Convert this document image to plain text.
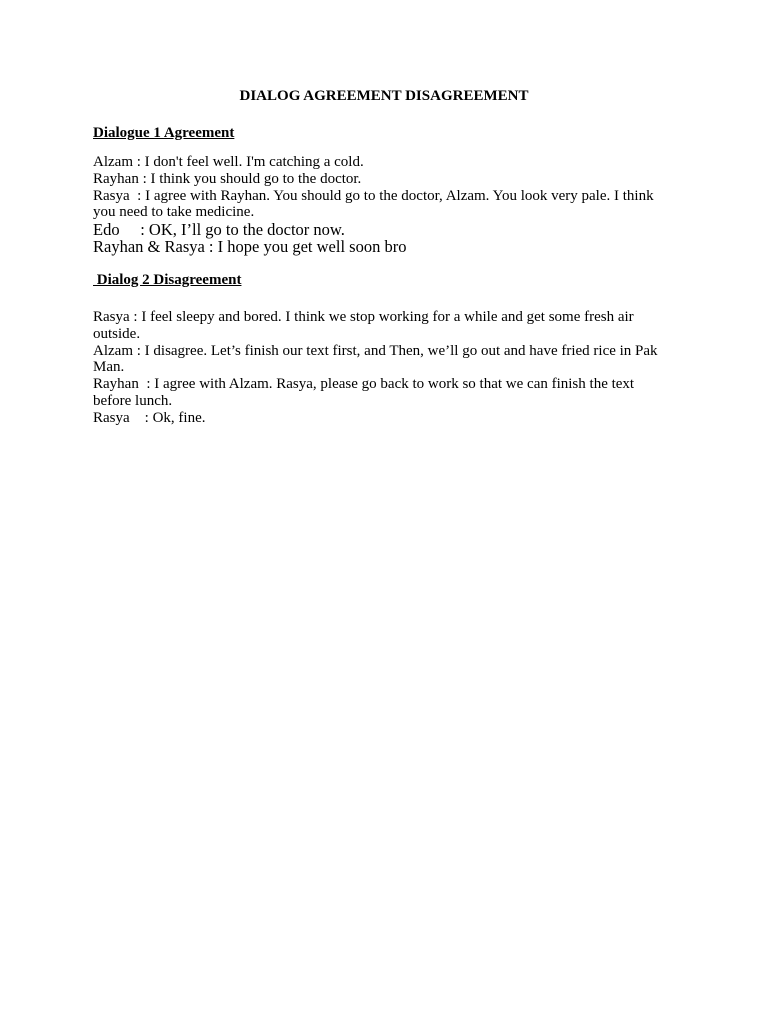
DIALOG AGREEMENT DISAGREEMENT
Dialogue 1 Agreement
Alzam : I don't feel well. I'm catching a cold.
Rayhan : I think you should go to the doctor.
Rasya  : I agree with Rayhan. You should go to the doctor, Alzam. You look very pale. I think you need to take medicine.
Edo     : OK, I’ll go to the doctor now.
Rayhan & Rasya : I hope you get well soon bro
Dialog 2 Disagreement
Rasya : I feel sleepy and bored. I think we stop working for a while and get some fresh air outside.
Alzam : I disagree. Let’s finish our text first, and Then, we’ll go out and have fried rice in Pak Man.
Rayhan  : I agree with Alzam. Rasya, please go back to work so that we can finish the text before lunch.
Rasya    : Ok, fine.
